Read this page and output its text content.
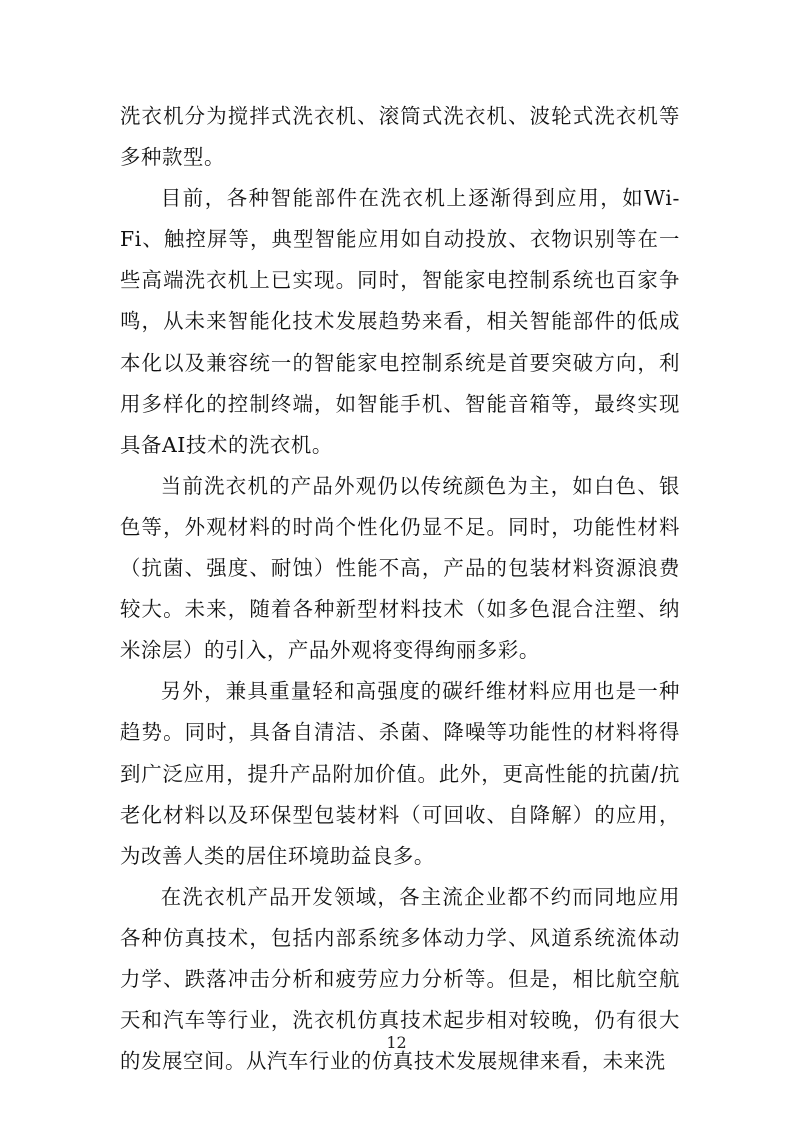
洗衣机分为搅拌式洗衣机、滚筒式洗衣机、波轮式洗衣机等多种款型。

目前，各种智能部件在洗衣机上逐渐得到应用，如Wi-Fi、触控屏等，典型智能应用如自动投放、衣物识别等在一些高端洗衣机上已实现。同时，智能家电控制系统也百家争鸣，从未来智能化技术发展趋势来看，相关智能部件的低成本化以及兼容统一的智能家电控制系统是首要突破方向，利用多样化的控制终端，如智能手机、智能音箱等，最终实现具备AI技术的洗衣机。

当前洗衣机的产品外观仍以传统颜色为主，如白色、银色等，外观材料的时尚个性化仍显不足。同时，功能性材料（抗菌、强度、耐蚀）性能不高，产品的包装材料资源浪费较大。未来，随着各种新型材料技术（如多色混合注塑、纳米涂层）的引入，产品外观将变得绚丽多彩。

另外，兼具重量轻和高强度的碳纤维材料应用也是一种趋势。同时，具备自清洁、杀菌、降噪等功能性的材料将得到广泛应用，提升产品附加价值。此外，更高性能的抗菌/抗老化材料以及环保型包装材料（可回收、自降解）的应用，为改善人类的居住环境助益良多。

在洗衣机产品开发领域，各主流企业都不约而同地应用各种仿真技术，包括内部系统多体动力学、风道系统流体动力学、跌落冲击分析和疲劳应力分析等。但是，相比航空航天和汽车等行业，洗衣机仿真技术起步相对较晚，仍有很大的发展空间。从汽车行业的仿真技术发展规律来看，未来洗

12
